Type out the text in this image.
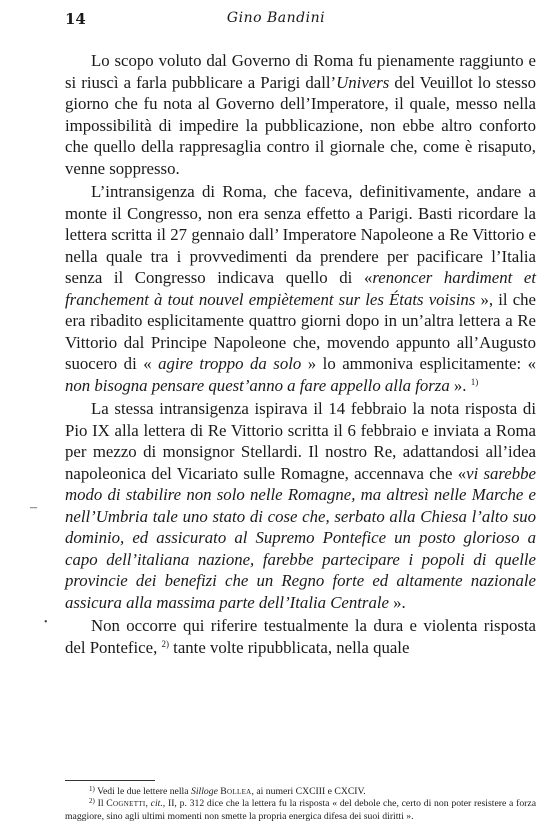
14	Gino Bandini

Lo scopo voluto dal Governo di Roma fu pienamente raggiunto e si riuscì a farla pubblicare a Parigi dall’Univers del Veuillot lo stesso giorno che fu nota al Governo dell’Imperatore, il quale, messo nella impossibilità di impedire la pubblicazione, non ebbe altro conforto che quello della rappresaglia contro il giornale che, come è risaputo, venne soppresso.

L’intransigenza di Roma, che faceva, definitivamente, andare a monte il Congresso, non era senza effetto a Parigi. Basti ricordare la lettera scritta il 27 gennaio dall’ Imperatore Napoleone a Re Vittorio e nella quale tra i provvedimenti da prendere per pacificare l’Italia senza il Congresso indicava quello di «renoncer hardiment et franchement à tout nouvel empiètement sur les États voisins », il che era ribadito esplicitamente quattro giorni dopo in un’altra lettera a Re Vittorio dal Principe Napoleone che, movendo appunto all’Augusto suocero di « agire troppo da solo » lo ammoniva esplicitamente: « non bisogna pensare quest’anno a fare appello alla forza ». $^{1)}$

La stessa intransigenza ispirava il 14 febbraio la nota risposta di Pio IX alla lettera di Re Vittorio scritta il 6 febbraio e inviata a Roma per mezzo di monsignor Stellardi. Il nostro Re, adattandosi all’idea napoleonica del Vicariato sulle Romagne, accennava che «vi sarebbe modo di stabilire non solo nelle Romagne, ma altresì nelle Marche e nell’Umbria tale uno stato di cose che, serbato alla Chiesa l’alto suo dominio, ed assicurato al Supremo Pontefice un posto glorioso a capo dell’italiana nazione, farebbe partecipare i popoli di quelle provincie dei benefizi che un Regno forte ed altamente nazionale assicura alla massima parte dell’Italia Centrale ».

Non occorre qui riferire testualmente la dura e violenta risposta del Pontefice, $^{2)}$ tante volte ripubblicata, nella quale

–
•

$^{1)}$ Vedi le due lettere nella Silloge Bollea, ai numeri CXCIII e CXCIV.

$^{2)}$ Il Cognetti, cit., II, p. 312 dice che la lettera fu la risposta « del debole che, certo di non poter resistere a forza maggiore, sino agli ultimi momenti non smette la propria energica difesa dei suoi diritti ».
